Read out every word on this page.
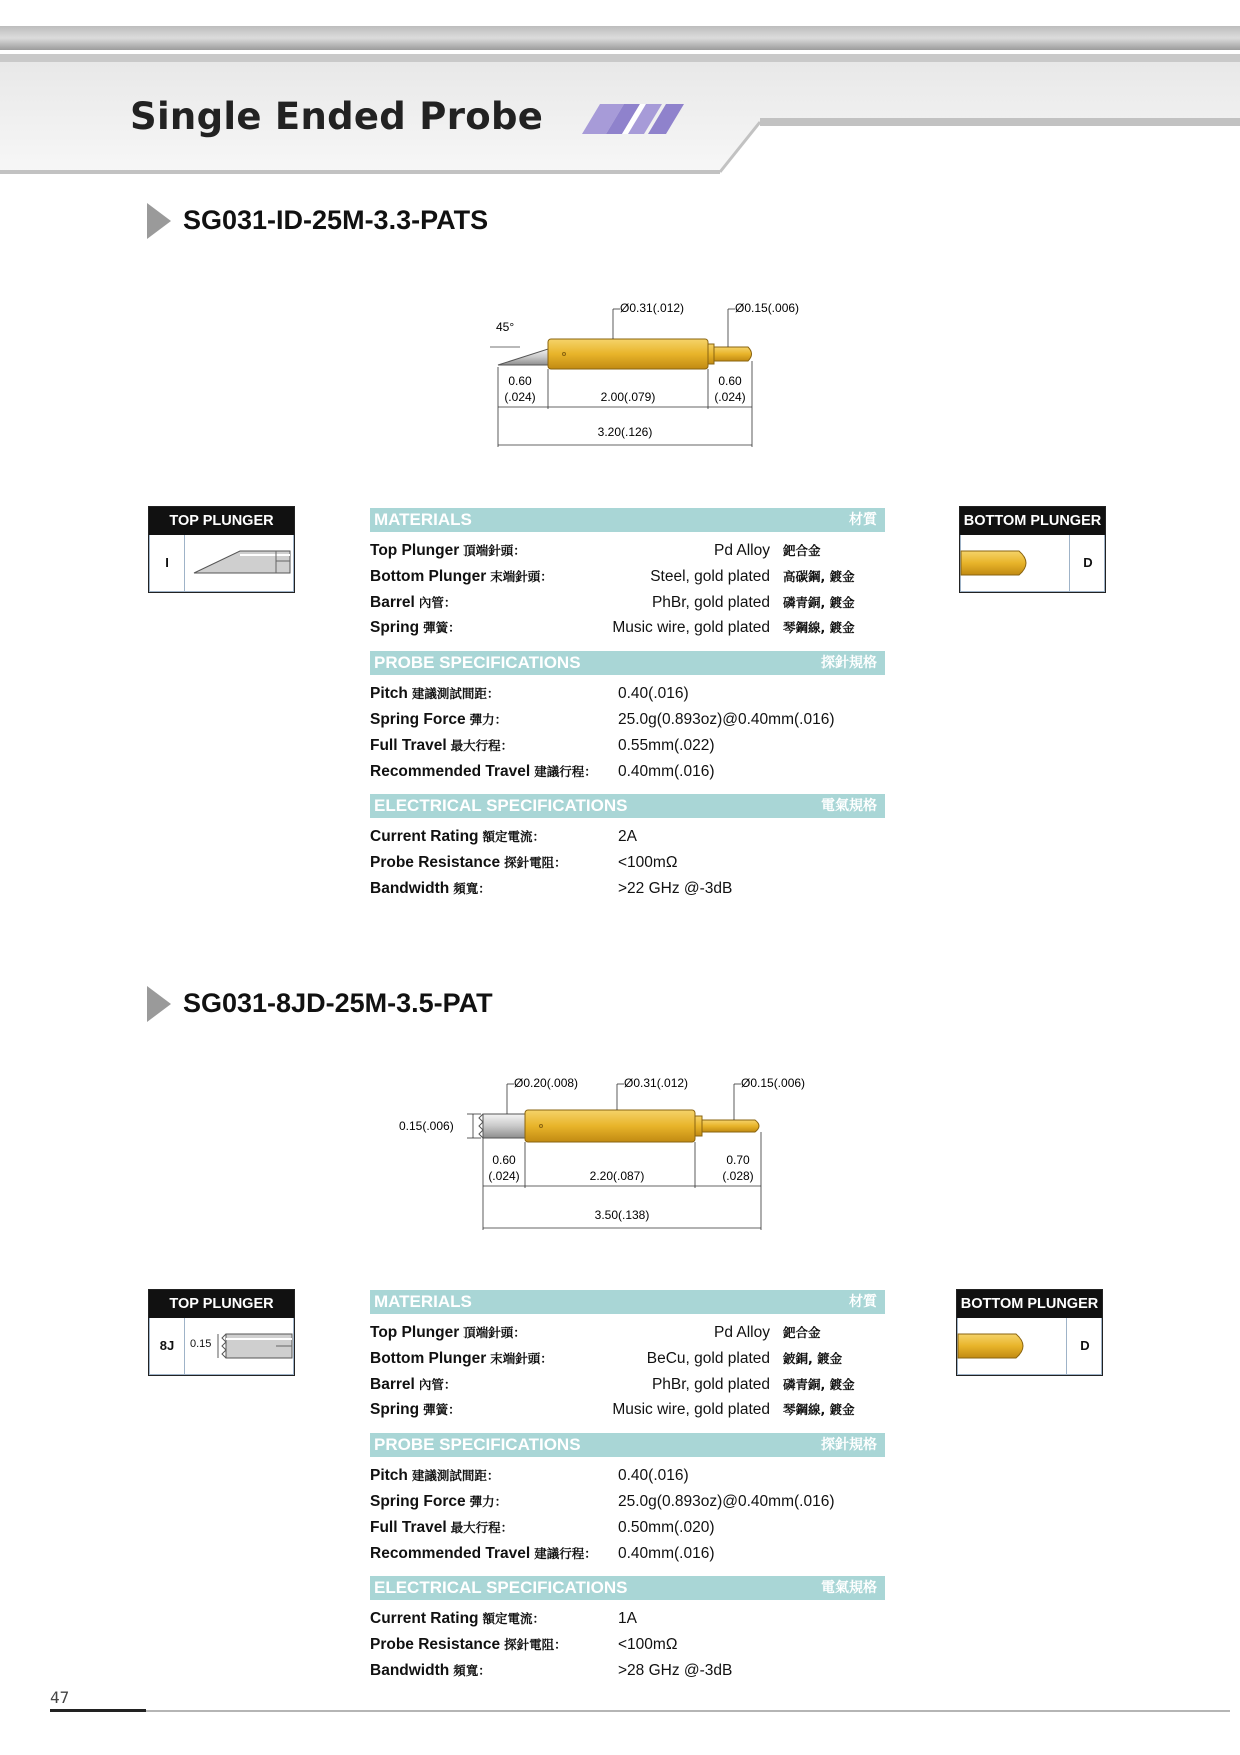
Single Ended Probe
SG031-ID-25M-3.3-PATS
45°
Ø0.31(.012)	Ø0.15(.006)
0.60
(.024)	2.00(.079)
0.60
(.024)
3.20(.126)
TOP PLUNGER
I
BOTTOM PLUNGER
D
MATERIALS	材質
Top Plunger 頂端針頭：	Pd Alloy 鈀合金
Bottom Plunger 末端針頭：	Steel, gold plated 高碳鋼, 鍍金
Barrel 內管：	PhBr, gold plated 磷青銅, 鍍金
Spring 彈簧：	Music wire, gold plated 琴鋼線, 鍍金
PROBE SPECIFICATIONS	探針規格
Pitch 建議測試間距：	0.40(.016)
Spring Force 彈力：	25.0g(0.893oz)@0.40mm(.016)
Full Travel 最大行程：	0.55mm(.022)
Recommended Travel 建議行程： 0.40mm(.016)
ELECTRICAL SPECIFICATIONS	電氣規格
Current Rating 額定電流：	2A
Probe Resistance 探針電阻：	<100mΩ
Bandwidth 頻寬：	>22 GHz @-3dB
SG031-8JD-25M-3.5-PAT
0.15(.006)
Ø0.20(.008)	Ø0.31(.012)	Ø0.15(.006)
0.60
(.024)	2.20(.087)
0.70
(.028)
3.50(.138)
TOP PLUNGER
8J	0.15
BOTTOM PLUNGER
D
MATERIALS	材質
Top Plunger 頂端針頭：	Pd Alloy 鈀合金
Bottom Plunger 末端針頭：	BeCu, gold plated 鈹銅, 鍍金
Barrel 內管：	PhBr, gold plated 磷青銅, 鍍金
Spring 彈簧：	Music wire, gold plated 琴鋼線, 鍍金
PROBE SPECIFICATIONS	探針規格
Pitch 建議測試間距：	0.40(.016)
Spring Force 彈力：	25.0g(0.893oz)@0.40mm(.016)
Full Travel 最大行程：	0.50mm(.020)
Recommended Travel 建議行程： 0.40mm(.016)
ELECTRICAL SPECIFICATIONS	電氣規格
Current Rating 額定電流：	1A
Probe Resistance 探針電阻：	<100mΩ
Bandwidth 頻寬：	>28 GHz @-3dB
47
